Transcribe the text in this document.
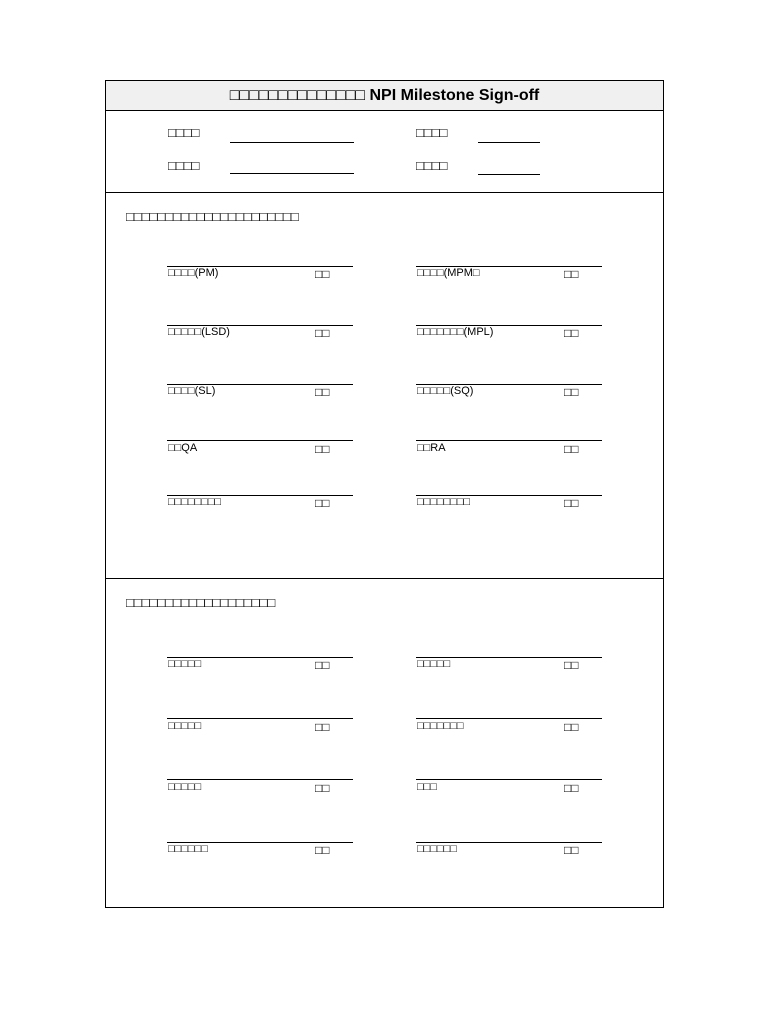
□□□□□□□□□□□□□□ NPI Milestone Sign-off
□□□□	□□□□
□□□□	□□□□
□□□□□□□□□□□□□□□□□□□□□□
□□□□(PM)	□□	□□□□(MPM□	□□
□□□□□(LSD)	□□	□□□□□□□(MPL)	□□
□□□□(SL)	□□	□□□□□(SQ)	□□
□□QA	□□	□□RA	□□
□□□□□□□□	□□	□□□□□□□□	□□
□□□□□□□□□□□□□□□□□□□
□□□□□	□□	□□□□□	□□
□□□□□	□□	□□□□□□□	□□
□□□□□	□□	□□□	□□
□□□□□□	□□	□□□□□□	□□
